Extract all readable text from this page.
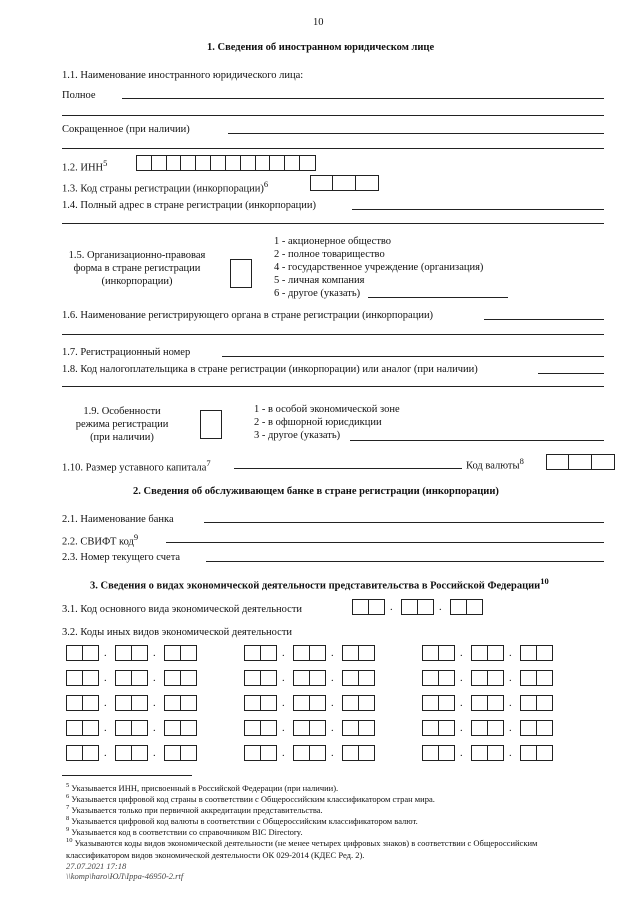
10
1. Сведения об иностранном юридическом лице
1.1. Наименование иностранного юридического лица:
Полное
Сокращенное (при наличии)
1.2. ИНН$^5$
1.3. Код страны регистрации (инкорпорации)$^6$
1.4. Полный адрес в стране регистрации (инкорпорации)
1.5. Организационно-правовая
форма в стране регистрации
(инкорпорации)
1 - акционерное общество
2 - полное товарищество
4 - государственное учреждение (организация)
5 - личная компания
6 - другое (указать)
1.6. Наименование регистрирующего органа в стране регистрации (инкорпорации)
1.7. Регистрационный номер
1.8. Код налогоплательщика в стране регистрации (инкорпорации) или аналог (при наличии)
1.9. Особенности
режима регистрации
(при наличии)
1 - в особой экономической зоне
2 - в офшорной юрисдикции
3 - другое (указать)
1.10. Размер уставного капитала$^7$	Код валюты$^8$
2. Сведения об обслуживающем банке в стране регистрации (инкорпорации)
2.1. Наименование банка
2.2. СВИФТ код$^9$
2.3. Номер текущего счета
3. Сведения о видах экономической деятельности представительства в Российской Федерации$^{10}$
3.1. Код основного вида экономической деятельности	.	.
3.2. Коды иных видов экономической деятельности
.	.	.	.	.	.
.	.	.	.	.	.
.	.	.	.	.	.
.	.	.	.	.	.
.	.	.	.	.	.
$^5$ Указывается ИНН, присвоенный в Российской Федерации (при наличии).
$^6$ Указывается цифровой код страны в соответствии с Общероссийским классификатором стран мира.
$^7$ Указывается только при первичной аккредитации представительства.
$^8$ Указывается цифровой код валюты в соответствии с Общероссийским классификатором валют.
$^9$ Указывается код в соответствии со справочником BIC Directory.
$^{10}$ Указываются коды видов экономической деятельности (не менее четырех цифровых знаков) в соответствии с Общероссийским
классификатором видов экономической деятельности ОК 029-2014 (КДЕС Ред. 2).
27.07.2021 17:18
\\komp\haro\ЮЛ\Ippa-46950-2.rtf
